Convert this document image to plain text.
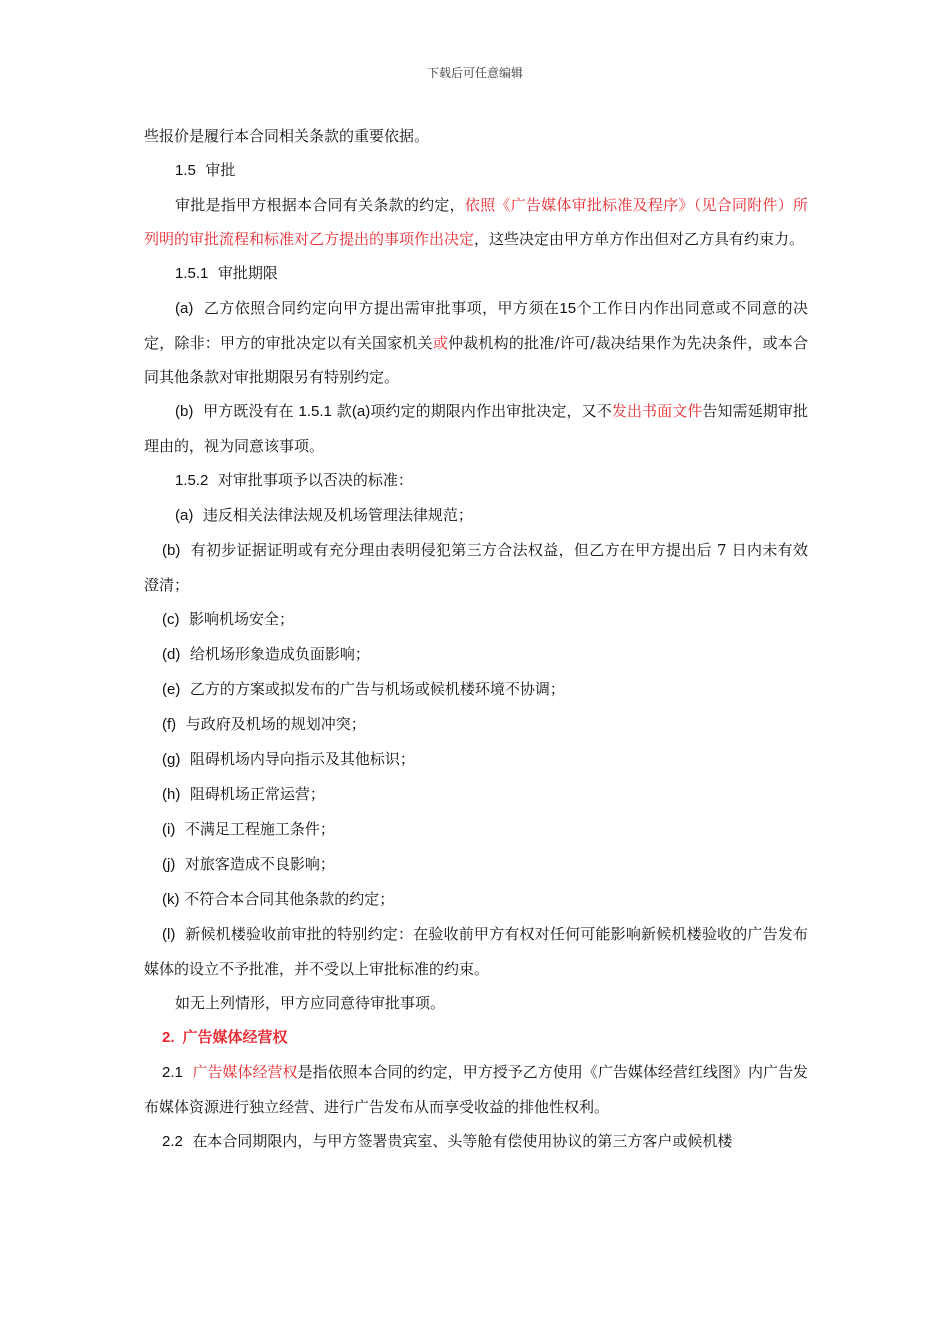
下载后可任意编辑

些报价是履行本合同相关条款的重要依据。

1.5 审批

审批是指甲方根据本合同有关条款的约定，依照《广告媒体审批标准及程序》（见合同附件）所列明的审批流程和标准对乙方提出的事项作出决定，这些决定由甲方单方作出但对乙方具有约束力。

1.5.1 审批期限

(a) 乙方依照合同约定向甲方提出需审批事项，甲方须在15个工作日内作出同意或不同意的决定，除非：甲方的审批决定以有关国家机关或仲裁机构的批准/许可/裁决结果作为先决条件，或本合同其他条款对审批期限另有特别约定。

(b) 甲方既没有在 1.5.1 款(a)项约定的期限内作出审批决定，又不发出书面文件告知需延期审批理由的，视为同意该事项。

1.5.2 对审批事项予以否决的标准：

(a) 违反相关法律法规及机场管理法律规范；

(b) 有初步证据证明或有充分理由表明侵犯第三方合法权益，但乙方在甲方提出后 7 日内未有效澄清；

(c) 影响机场安全；

(d) 给机场形象造成负面影响；

(e) 乙方的方案或拟发布的广告与机场或候机楼环境不协调；

(f) 与政府及机场的规划冲突；

(g) 阻碍机场内导向指示及其他标识；

(h) 阻碍机场正常运营；

(i) 不满足工程施工条件；

(j) 对旅客造成不良影响；

(k) 不符合本合同其他条款的约定；

(l) 新候机楼验收前审批的特别约定：在验收前甲方有权对任何可能影响新候机楼验收的广告发布媒体的设立不予批准，并不受以上审批标准的约束。

如无上列情形，甲方应同意待审批事项。

2. 广告媒体经营权

2.1 广告媒体经营权是指依照本合同的约定，甲方授予乙方使用《广告媒体经营红线图》内广告发布媒体资源进行独立经营、进行广告发布从而享受收益的排他性权利。

2.2 在本合同期限内，与甲方签署贵宾室、头等舱有偿使用协议的第三方客户或候机楼
